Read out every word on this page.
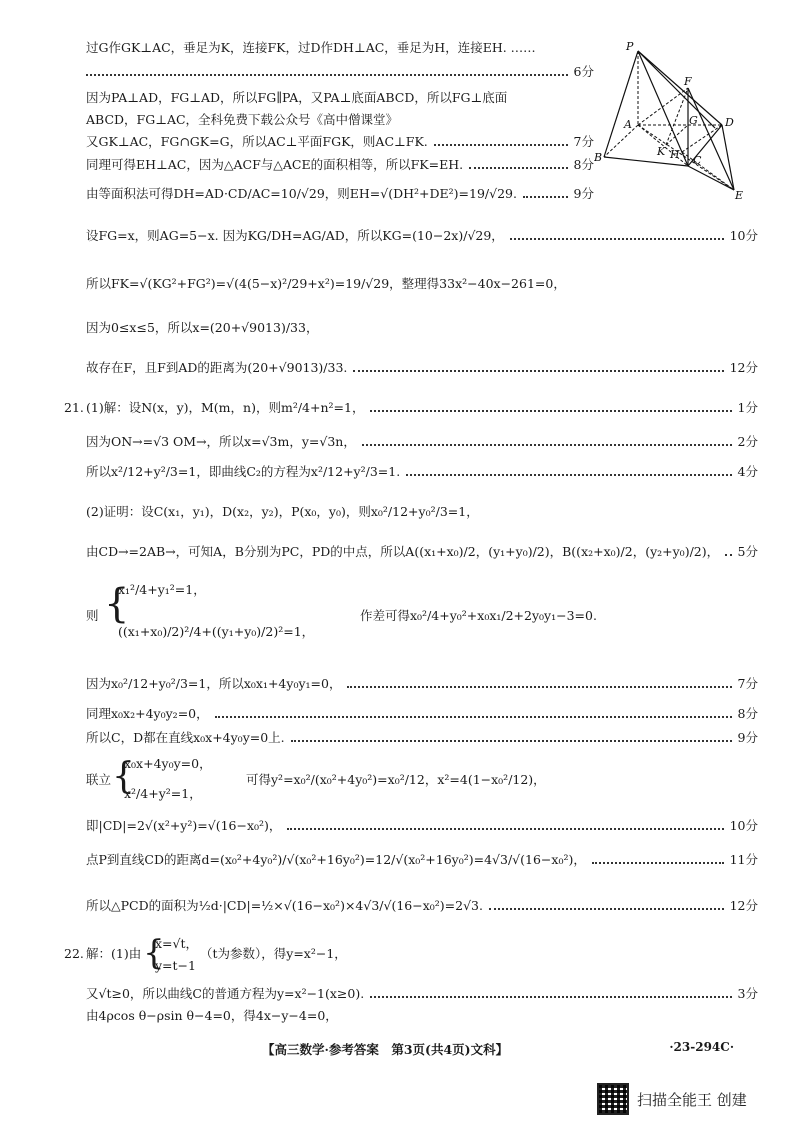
P
F
A	G D
B	K H C
E
过G作GK⊥AC，垂足为K，连接FK，过D作DH⊥AC，垂足为H，连接EH. ……
6分
因为PA⊥AD，FG⊥AD，所以FG∥PA，又PA⊥底面ABCD，所以FG⊥底面
ABCD，FG⊥AC，全科免费下载公众号《高中僧课堂》
又GK⊥AC，FG∩GK=G，所以AC⊥平面FGK，则AC⊥FK.	7分
同理可得EH⊥AC，因为△ACF与△ACE的面积相等，所以FK=EH.	8分
由等面积法可得DH=AD·CD/AC=10/√29，则EH=√(DH²+DE²)=19/√29.	9分
设FG=x，则AG=5−x. 因为KG/DH=AG/AD，所以KG=(10−2x)/√29，	10分
所以FK=√(KG²+FG²)=√(4(5−x)²/29+x²)=19/√29，整理得33x²−40x−261=0，
因为0≤x≤5，所以x=(20+√9013)/33，
故存在F，且F到AD的距离为(20+√9013)/33.	12分
21. (1)解：设N(x，y)，M(m，n)，则m²/4+n²=1，	1分
因为ON→=√3 OM→，所以x=√3m，y=√3n，	2分
所以x²/12+y²/3=1，即曲线C₂的方程为x²/12+y²/3=1.	4分
(2)证明：设C(x₁，y₁)，D(x₂，y₂)，P(x₀，y₀)，则x₀²/12+y₀²/3=1，
由CD→=2AB→，可知A，B分别为PC，PD的中点，所以A((x₁+x₀)/2，(y₁+y₀)/2)，B((x₂+x₀)/2，(y₂+y₀)/2)， 5分
则 {
x₁²/4+y₁²=1，
((x₁+x₀)/2)²/4+((y₁+y₀)/2)²=1，
作差可得x₀²/4+y₀²+x₀x₁/2+2y₀y₁−3=0.
因为x₀²/12+y₀²/3=1，所以x₀x₁+4y₀y₁=0，	7分
同理x₀x₂+4y₀y₂=0，	8分
所以C，D都在直线x₀x+4y₀y=0上.	9分
联立 {
x₀x+4y₀y=0，
x²/4+y²=1，
可得y²=x₀²/(x₀²+4y₀²)=x₀²/12，x²=4(1−x₀²/12)，
即|CD|=2√(x²+y²)=√(16−x₀²)，	10分
点P到直线CD的距离d=(x₀²+4y₀²)/√(x₀²+16y₀²)=12/√(x₀²+16y₀²)=4√3/√(16−x₀²)，	11分
所以△PCD的面积为½d·|CD|=½×√(16−x₀²)×4√3/√(16−x₀²)=2√3.	12分
22. 解：(1)由 {
x=√t，
y=t−1
（t为参数），得y=x²−1，
又√t≥0，所以曲线C的普通方程为y=x²−1(x≥0).	3分
由4ρcos θ−ρsin θ−4=0，得4x−y−4=0，
【高三数学·参考答案　第3页(共4页)文科】	·23-294C·
扫描全能王 创建
